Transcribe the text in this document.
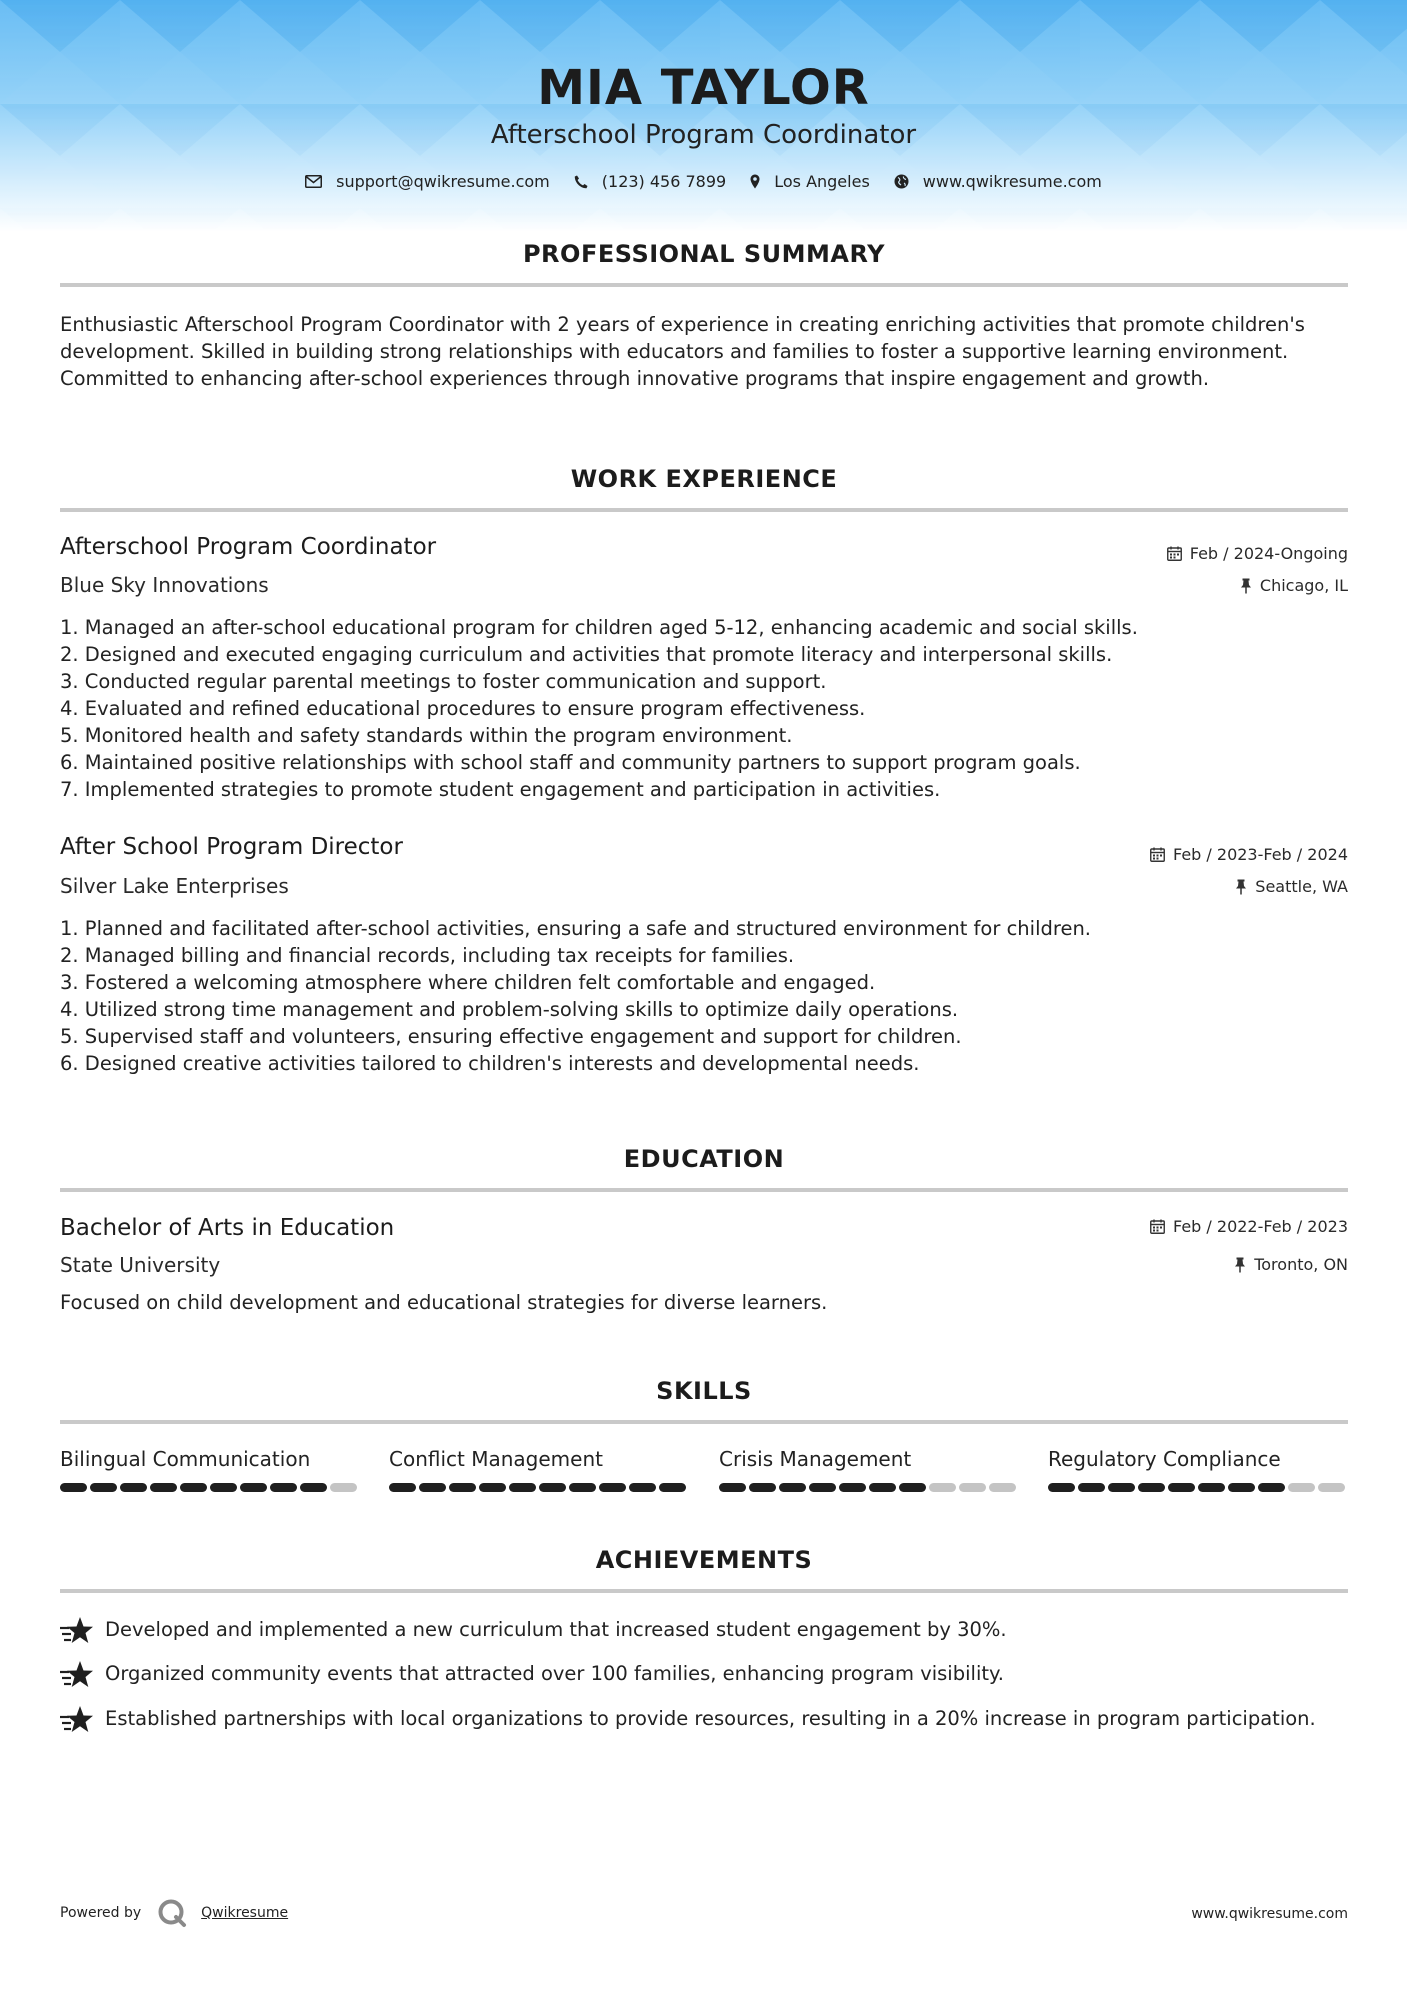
MIA TAYLOR
Afterschool Program Coordinator
support@qwikresume.com	(123) 456 7899	Los Angeles	www.qwikresume.com
PROFESSIONAL SUMMARY
Enthusiastic Afterschool Program Coordinator with 2 years of experience in creating enriching activities that promote children's development. Skilled in building strong relationships with educators and families to foster a supportive learning environment. Committed to enhancing after-school experiences through innovative programs that inspire engagement and growth.
WORK EXPERIENCE
Afterschool Program Coordinator	Feb / 2024-Ongoing
Blue Sky Innovations	Chicago, IL
1. Managed an after-school educational program for children aged 5-12, enhancing academic and social skills.
2. Designed and executed engaging curriculum and activities that promote literacy and interpersonal skills.
3. Conducted regular parental meetings to foster communication and support.
4. Evaluated and refined educational procedures to ensure program effectiveness.
5. Monitored health and safety standards within the program environment.
6. Maintained positive relationships with school staff and community partners to support program goals.
7. Implemented strategies to promote student engagement and participation in activities.
After School Program Director	Feb / 2023-Feb / 2024
Silver Lake Enterprises	Seattle, WA
1. Planned and facilitated after-school activities, ensuring a safe and structured environment for children.
2. Managed billing and financial records, including tax receipts for families.
3. Fostered a welcoming atmosphere where children felt comfortable and engaged.
4. Utilized strong time management and problem-solving skills to optimize daily operations.
5. Supervised staff and volunteers, ensuring effective engagement and support for children.
6. Designed creative activities tailored to children's interests and developmental needs.
EDUCATION
Bachelor of Arts in Education	Feb / 2022-Feb / 2023
State University	Toronto, ON
Focused on child development and educational strategies for diverse learners.
SKILLS
Bilingual Communication	Conflict Management	Crisis Management	Regulatory Compliance
ACHIEVEMENTS
Developed and implemented a new curriculum that increased student engagement by 30%.
Organized community events that attracted over 100 families, enhancing program visibility.
Established partnerships with local organizations to provide resources, resulting in a 20% increase in program participation.
Powered by	Qwikresume	www.qwikresume.com
